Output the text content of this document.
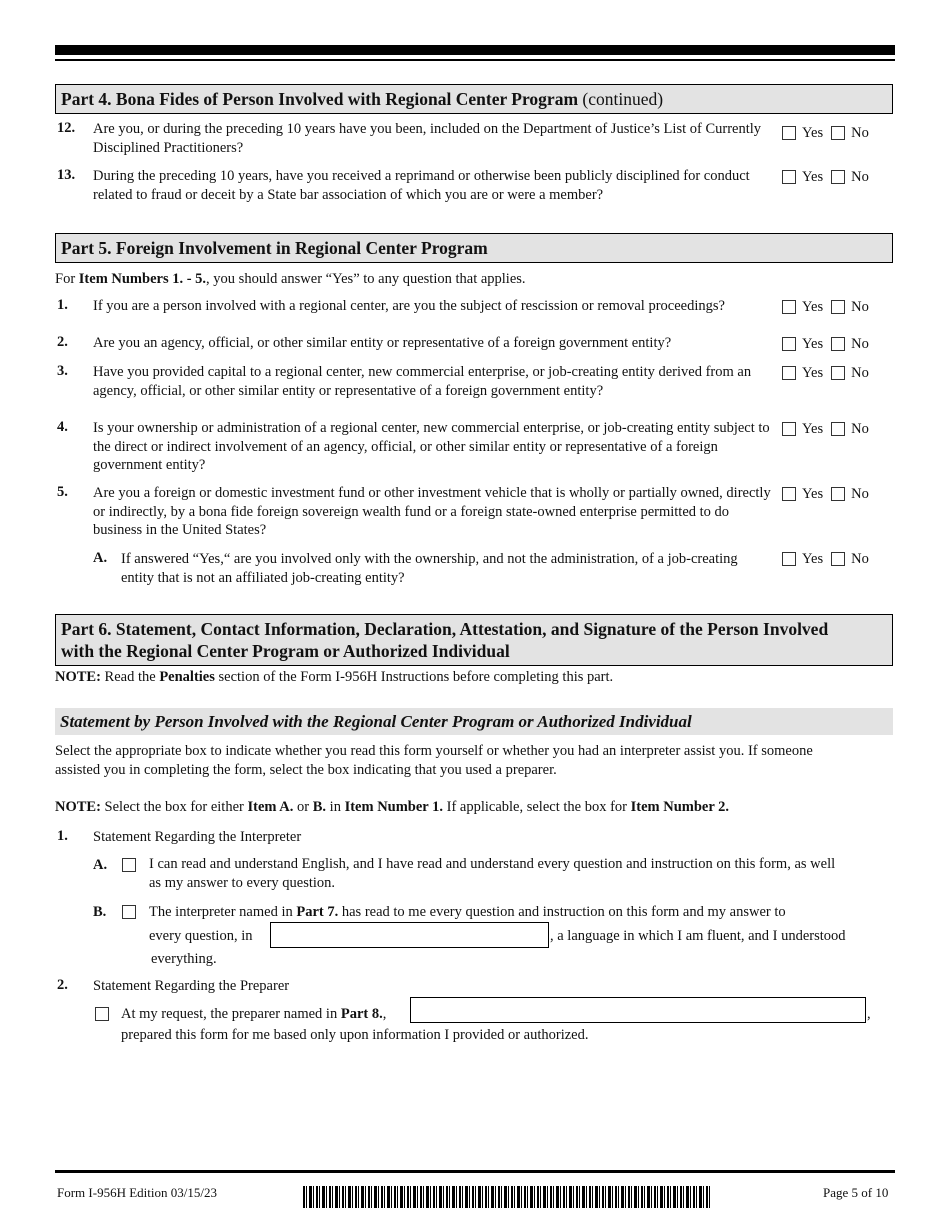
Part 4. Bona Fides of Person Involved with Regional Center Program (continued)
12. Are you, or during the preceding 10 years have you been, included on the Department of Justice’s List of Currently Disciplined Practitioners?
Yes No
13. During the preceding 10 years, have you received a reprimand or otherwise been publicly disciplined for conduct related to fraud or deceit by a State bar association of which you are or were a member?
Yes No
Part 5. Foreign Involvement in Regional Center Program
For Item Numbers 1. - 5., you should answer “Yes” to any question that applies.
1. If you are a person involved with a regional center, are you the subject of rescission or removal proceedings?	Yes No
2. Are you an agency, official, or other similar entity or representative of a foreign government entity?	Yes No
3. Have you provided capital to a regional center, new commercial enterprise, or job-creating entity derived from an agency, official, or other similar entity or representative of a foreign government entity?
Yes No
4. Is your ownership or administration of a regional center, new commercial enterprise, or job-creating entity subject to the direct or indirect involvement of an agency, official, or other similar entity or representative of a foreign government entity?
Yes No
5. Are you a foreign or domestic investment fund or other investment vehicle that is wholly or partially owned, directly or indirectly, by a bona fide foreign sovereign wealth fund or a foreign state-owned enterprise permitted to do business in the United States?
Yes No
A. If answered “Yes,“ are you involved only with the ownership, and not the administration, of a job-creating entity that is not an affiliated job-creating entity?
Yes No
Part 6. Statement, Contact Information, Declaration, Attestation, and Signature of the Person Involved
with the Regional Center Program or Authorized Individual
NOTE: Read the Penalties section of the Form I-956H Instructions before completing this part.
Statement by Person Involved with the Regional Center Program or Authorized Individual
Select the appropriate box to indicate whether you read this form yourself or whether you had an interpreter assist you. If someone
assisted you in completing the form, select the box indicating that you used a preparer.
NOTE: Select the box for either Item A. or B. in Item Number 1. If applicable, select the box for Item Number 2.
1. Statement Regarding the Interpreter
A.	I can read and understand English, and I have read and understand every question and instruction on this form, as well
as my answer to every question.
B.	The interpreter named in Part 7. has read to me every question and instruction on this form and my answer to
every question, in	, a language in which I am fluent, and I understood
everything.
2. Statement Regarding the Preparer
At my request, the preparer named in Part 8.,	,
prepared this form for me based only upon information I provided or authorized.
Form I-956H Edition 03/15/23	Page 5 of 10
